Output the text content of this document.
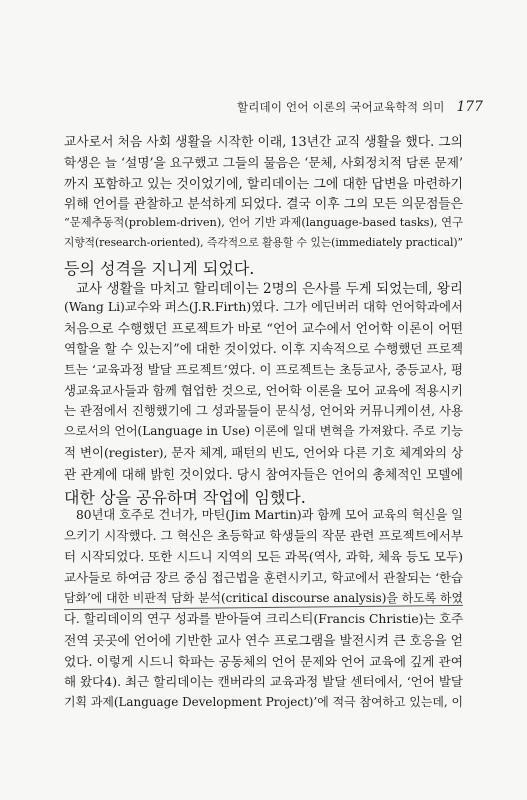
할리데이 언어 이론의 국어교육학적 의미 177
교사로서 처음 사회 생활을 시작한 이래, 13년간 교직 생활을 했다. 그의
학생은 늘 ‘설명’을 요구했고 그들의 물음은 ‘문체, 사회정치적 담론 문제’
까지 포함하고 있는 것이었기에, 할리데이는 그에 대한 답변을 마련하기
위해 언어를 관찰하고 분석하게 되었다. 결국 이후 그의 모든 의문점들은
“문제추동적(problem-driven), 언어 기반 과제(language-based tasks), 연구
지향적(research-oriented), 즉각적으로 활용할 수 있는(immediately practical)”
등의 성격을 지니게 되었다.
교사 생활을 마치고 할리데이는 2명의 은사를 두게 되었는데, 왕리
(Wang Li)교수와 퍼스(J.R.Firth)였다. 그가 에딘버러 대학 언어학과에서
처음으로 수행했던 프로젝트가 바로 “언어 교수에서 언어학 이론이 어떤
역할을 할 수 있는지”에 대한 것이었다. 이후 지속적으로 수행했던 프로젝
트는 ‘교육과정 발달 프로젝트’였다. 이 프로젝트는 초등교사, 중등교사, 평
생교육교사들과 함께 협업한 것으로, 언어학 이론을 모어 교육에 적용시키
는 관점에서 진행했기에 그 성과물들이 문식성, 언어와 커뮤니케이션, 사용
으로서의 언어(Language in Use) 이론에 일대 변혁을 가져왔다. 주로 기능
적 변이(register), 문자 체계, 패턴의 빈도, 언어와 다른 기호 체계와의 상
관 관계에 대해 밝힌 것이었다. 당시 참여자들은 언어의 총체적인 모델에
대한 상을 공유하며 작업에 임했다.
80년대 호주로 건너가, 마틴(Jim Martin)과 함께 모어 교육의 혁신을 일
으키기 시작했다. 그 혁신은 초등학교 학생들의 작문 관련 프로젝트에서부
터 시작되었다. 또한 시드니 지역의 모든 과목(역사, 과학, 체육 등도 모두)
교사들로 하여금 장르 중심 접근법을 훈련시키고, 학교에서 관찰되는 ‘한습
담화’에 대한 비판적 담화 분석(critical discourse analysis)을 하도록 하였
다. 할리데이의 연구 성과를 받아들여 크리스티(Francis Christie)는 호주
전역 곳곳에 언어에 기반한 교사 연수 프로그램을 발전시켜 큰 호응을 얻
었다. 이렇게 시드니 학파는 공동체의 언어 문제와 언어 교육에 깊게 관여
해 왔다4). 최근 할리데이는 캔버라의 교육과정 발달 센터에서, ‘언어 발달
기획 과제(Language Development Project)’에 적극 참여하고 있는데, 이
